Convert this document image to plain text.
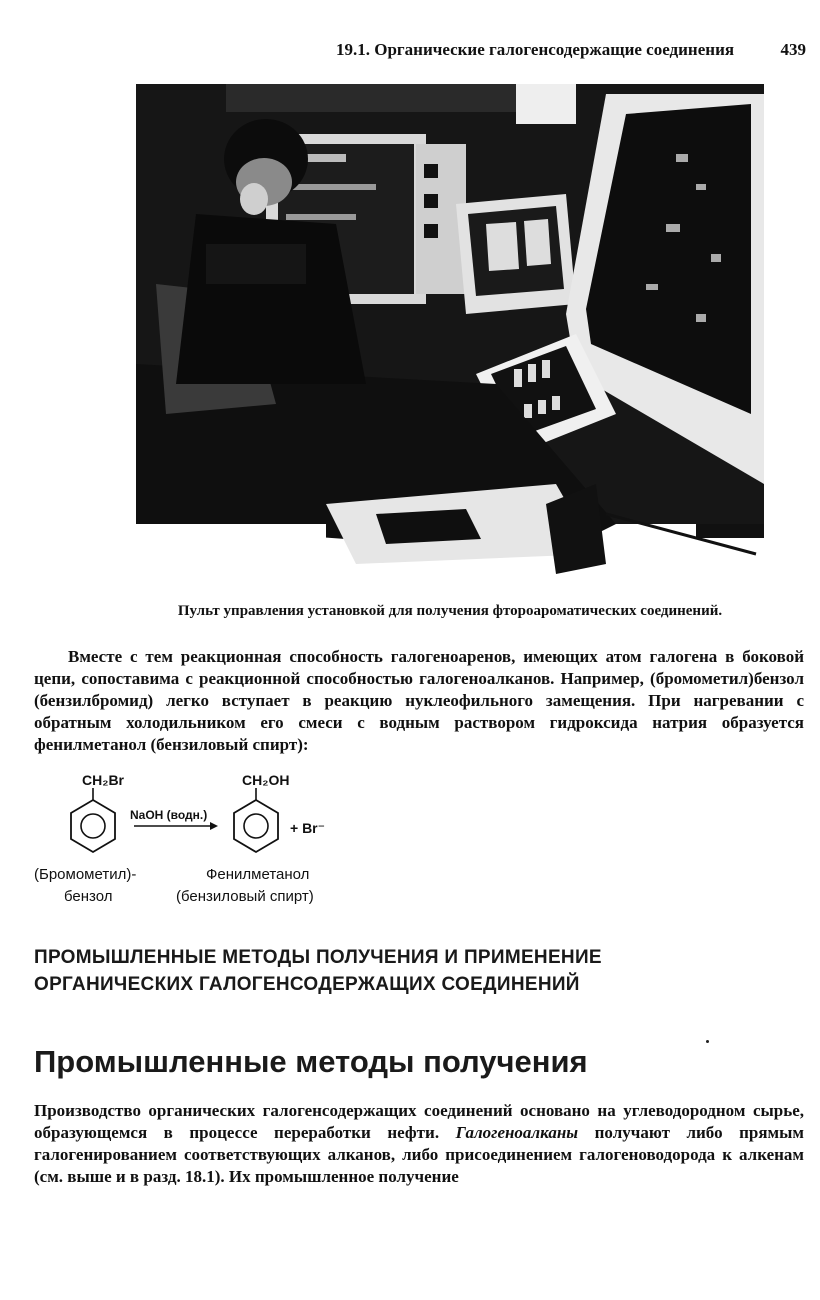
19.1. Органические галогенсодержащие соединения	439
Пульт управления установкой для получения фтороароматических соединений.

Вместе с тем реакционная способность галогеноаренов, имеющих атом галогена в боковой цепи, сопоставима с реакционной способностью галогеноалканов. Например, (бромометил)бензол (бензилбромид) легко вступает в реакцию нуклеофильного замещения. При нагревании с обратным холодильником его смеси с водным раствором гидроксида натрия образуется фенилметанол (бензиловый спирт):

CH₂Br	CH₂OH
NaOH (водн.)
+ Br⁻
(Бромометил)-
бензол
Фенилметанол
(бензиловый спирт)
ПРОМЫШЛЕННЫЕ МЕТОДЫ ПОЛУЧЕНИЯ И ПРИМЕНЕНИЕ
ОРГАНИЧЕСКИХ ГАЛОГЕНСОДЕРЖАЩИХ СОЕДИНЕНИЙ
Промышленные методы получения

Производство органических галогенсодержащих соединений основано на углеводородном сырье, образующемся в процессе переработки нефти. Галогеноалканы получают либо прямым галогенированием соответствующих алканов, либо присоединением галогеноводорода к алкенам (см. выше и в разд. 18.1). Их промышленное получение
